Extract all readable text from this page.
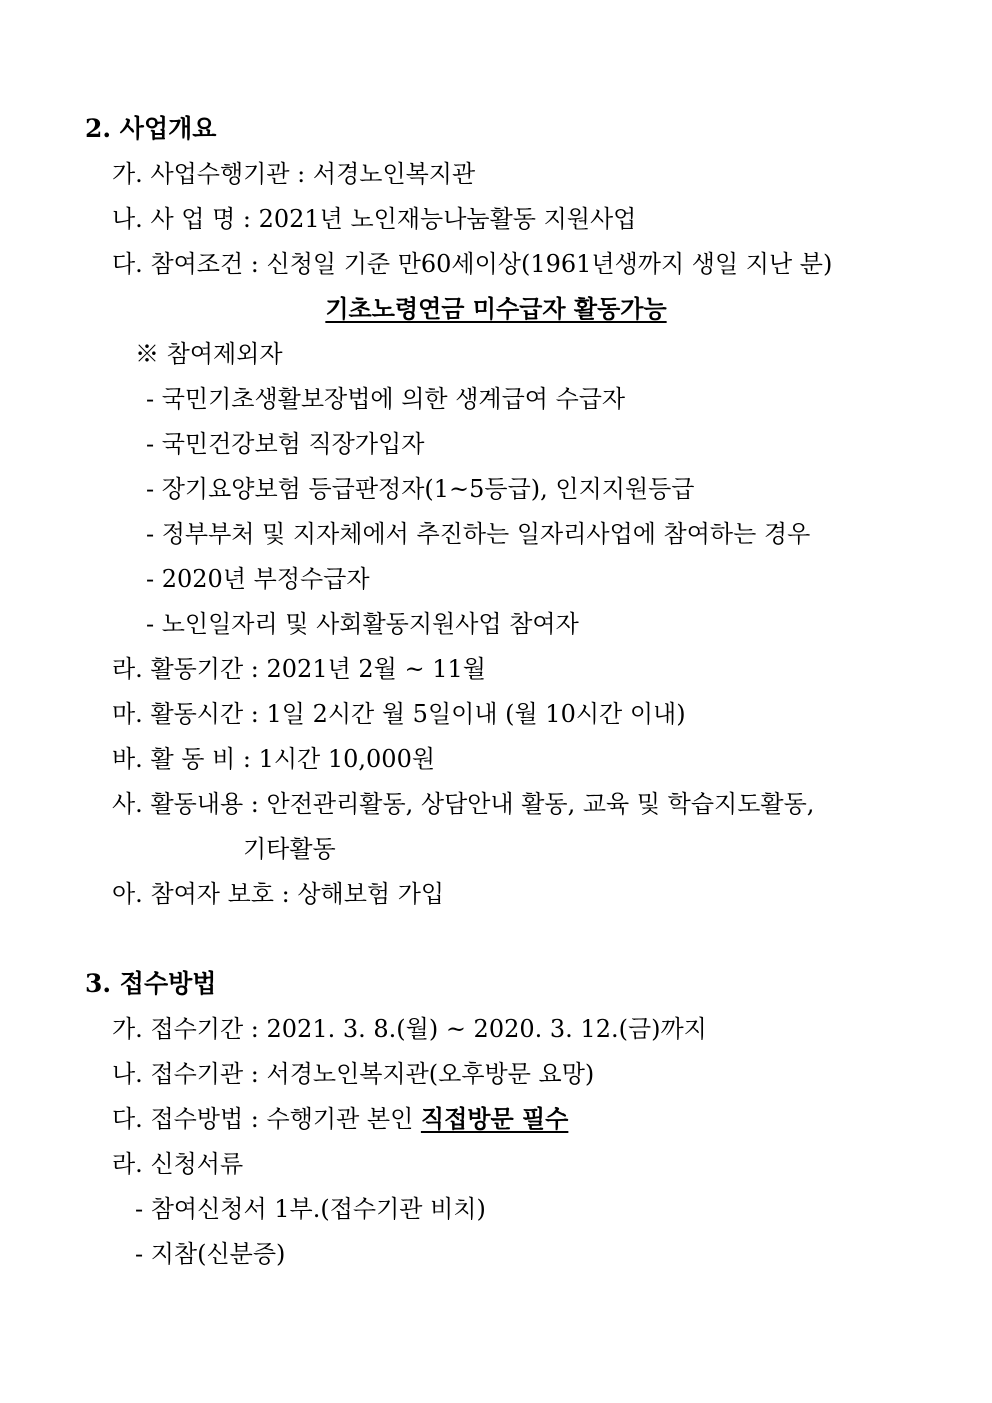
2. 사업개요
가. 사업수행기관 : 서경노인복지관
나. 사 업 명 : 2021년 노인재능나눔활동 지원사업
다. 참여조건 : 신청일 기준 만60세이상(1961년생까지 생일 지난 분)
기초노령연금 미수급자 활동가능
※ 참여제외자
- 국민기초생활보장법에 의한 생계급여 수급자
- 국민건강보험 직장가입자
- 장기요양보험 등급판정자(1~5등급), 인지지원등급
- 정부부처 및 지자체에서 추진하는 일자리사업에 참여하는 경우
- 2020년 부정수급자
- 노인일자리 및 사회활동지원사업 참여자
라. 활동기간 : 2021년 2월 ~ 11월
마. 활동시간 : 1일 2시간 월 5일이내 (월 10시간 이내)
바. 활 동 비 : 1시간 10,000원
사. 활동내용 : 안전관리활동, 상담안내 활동, 교육 및 학습지도활동,
기타활동
아. 참여자 보호 : 상해보험 가입
3. 접수방법
가. 접수기간 : 2021. 3. 8.(월) ~ 2020. 3. 12.(금)까지
나. 접수기관 : 서경노인복지관(오후방문 요망)
다. 접수방법 : 수행기관 본인 직접방문 필수
라. 신청서류
- 참여신청서 1부.(접수기관 비치)
- 지참(신분증)
